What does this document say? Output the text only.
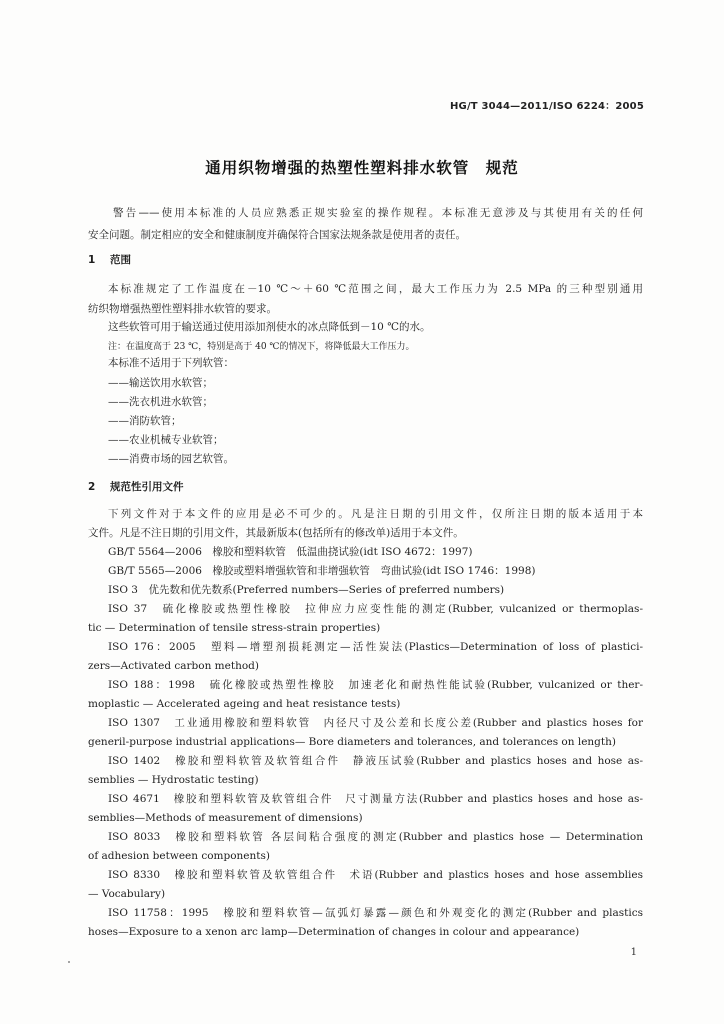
HG/T 3044—2011/ISO 6224：2005
通用织物增强的热塑性塑料排水软管　规范
警告——使用本标准的人员应熟悉正规实验室的操作规程。本标准无意涉及与其使用有关的任何
安全问题。制定相应的安全和健康制度并确保符合国家法规条款是使用者的责任。
1 范围
本标准规定了工作温度在－10 ℃～＋60 ℃范围之间，最大工作压力为 2.5 MPa 的三种型别通用
纺织物增强热塑性塑料排水软管的要求。
这些软管可用于输送通过使用添加剂使水的冰点降低到－10 ℃的水。
注：在温度高于 23 ℃，特别是高于 40 ℃的情况下，将降低最大工作压力。
本标准不适用于下列软管：
——输送饮用水软管；
——洗衣机进水软管；
——消防软管；
——农业机械专业软管；
——消费市场的园艺软管。
2 规范性引用文件
下列文件对于本文件的应用是必不可少的。凡是注日期的引用文件，仅所注日期的版本适用于本
文件。凡是不注日期的引用文件，其最新版本(包括所有的修改单)适用于本文件。
GB/T 5564—2006　橡胶和塑料软管　低温曲挠试验(idt ISO 4672：1997)
GB/T 5565—2006　橡胶或塑料增强软管和非增强软管　弯曲试验(idt ISO 1746：1998)
ISO 3　优先数和优先数系(Preferred numbers—Series of preferred numbers)
ISO 37　硫化橡胶或热塑性橡胶　拉伸应力应变性能的测定(Rubber, vulcanized or thermoplas-
tic — Determination of tensile stress-strain properties)
ISO 176：2005　塑料—增塑剂损耗测定—活性炭法(Plastics—Determination of loss of plastici-
zers—Activated carbon method)
ISO 188：1998　硫化橡胶或热塑性橡胶　加速老化和耐热性能试验(Rubber, vulcanized or ther-
moplastic — Accelerated ageing and heat resistance tests)
ISO 1307　工业通用橡胶和塑料软管　内径尺寸及公差和长度公差(Rubber and plastics hoses for
generil-purpose industrial applications— Bore diameters and tolerances, and tolerances on length)
ISO 1402　橡胶和塑料软管及软管组合件　静液压试验(Rubber and plastics hoses and hose as-
semblies — Hydrostatic testing)
ISO 4671　橡胶和塑料软管及软管组合件　尺寸测量方法(Rubber and plastics hoses and hose as-
semblies—Methods of measurement of dimensions)
ISO 8033　橡胶和塑料软管 各层间粘合强度的测定(Rubber and plastics hose — Determination
of adhesion between components)
ISO 8330　橡胶和塑料软管及软管组合件　术语(Rubber and plastics hoses and hose assemblies
— Vocabulary)
ISO 11758：1995　橡胶和塑料软管—氙弧灯暴露—颜色和外观变化的测定(Rubber and plastics
hoses—Exposure to a xenon arc lamp—Determination of changes in colour and appearance)
1
